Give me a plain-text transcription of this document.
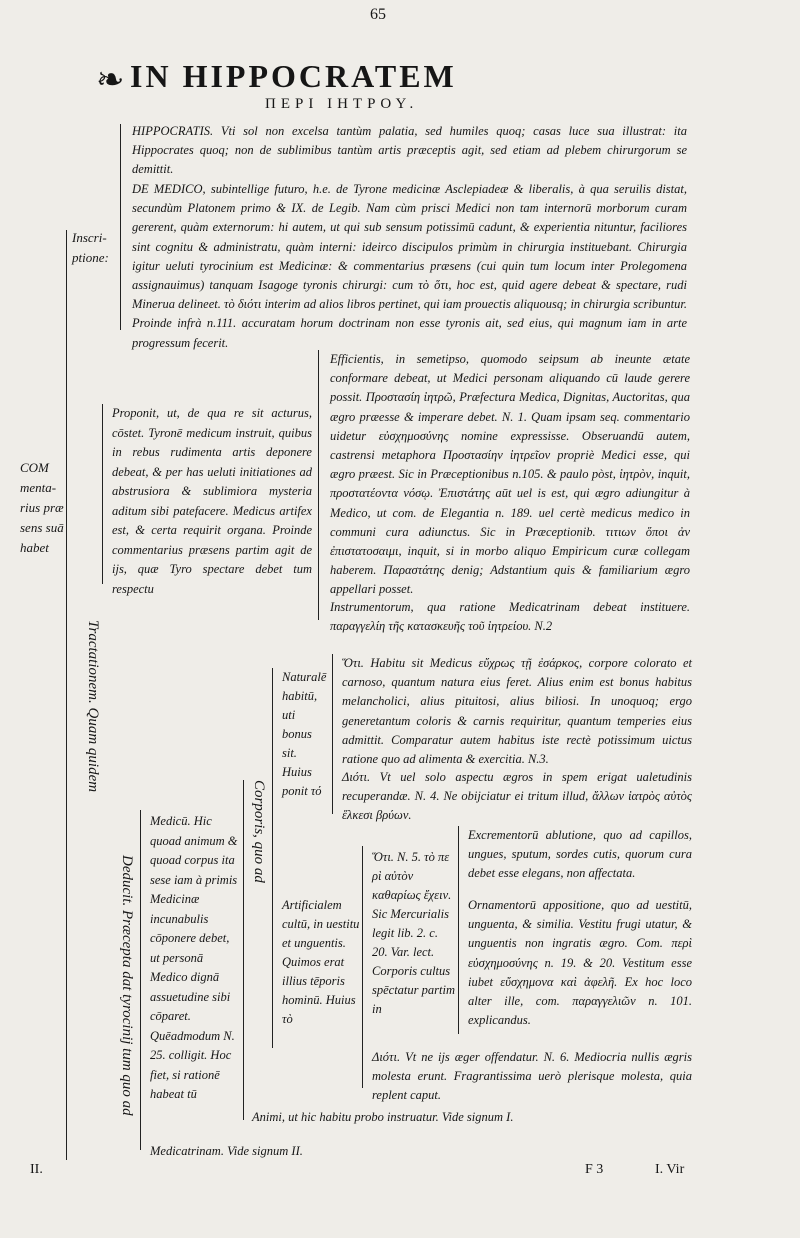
65
❧ IN HIPPOCRATEM
ΠΕΡΙ ΙΗΤΡΟΥ.
Inscri-ptione:
HIPPOCRATIS. Vti sol non excelsa tantùm palatia, sed humiles quoq; casas luce sua illustrat: ita Hippocrates quoq; non de sublimibus tantùm artis præceptis agit, sed etiam ad plebem chirurgorum se demittit.
DE MEDICO, subintellige futuro, h.e. de Tyrone medicinæ Asclepiadeæ & liberalis, à qua seruilis distat, secundùm Platonem primo & IX. de Legib. Nam cùm prisci Medici non tam internorū morborum curam gererent, quàm externorum: hi autem, ut qui sub sensum potissimū cadunt, & experientia nituntur, faciliores sint cognitu & administratu, quàm interni: ideirco discipulos primùm in chirurgia instituebant. Chirurgia igitur ueluti tyrocinium est Medicinæ: & commentarius præsens (cui quin tum locum inter Prolegomena assignauimus) tanquam Isagoge tyronis chirurgi: cum τὸ ὅτι, hoc est, quid agere debeat & spectare, rudi Minerua delineet. τὸ διότι interim ad alios libros pertinet, qui iam prouectis aliquousq; in chirurgia scribuntur. Proinde infrà n.111. accuratam horum doctrinam non esse tyronis ait, sed eius, qui magnum iam in arte progressum fecerit.
COM menta-rius præ sens suā habet
Tractationem. Quam quidem
Proponit, ut, de qua re sit acturus, cōstet. Tyronē medicum instruit, quibus in rebus rudimenta artis deponere debeat, & per has ueluti initiationes ad abstrusiora & sublimiora mysteria aditum sibi patefacere. Medicus artifex est, & certa requirit organa. Proinde commentarius præsens partim agit de ijs, quæ Tyro spectare debet tum respectu
Efficientis, in semetipso, quomodo seipsum ab ineunte ætate conformare debeat, ut Medici personam aliquando cū laude gerere possit. Προστασίη ἰητρῶ, Præfectura Medica, Dignitas, Auctoritas, qua ægro præesse & imperare debet. N. 1. Quam ipsam seq. commentario uidetur εὐσχημοσύνης nomine expressisse. Obseruandū autem, castrensi metaphora Προστασίην ἰητρεῖον propriè Medici esse, qui ægro præest. Sic in Præceptionibus n.105. & paulo pòst, ἰητρὸν, inquit, προστατέοντα νόσῳ. Ἐπιστάτης aūt uel is est, qui ægro adiungitur à Medico, ut com. de Elegantia n. 189. uel certè medicus medico in communi cura adiunctus. Sic in Præceptionib. τιτιων ὅποι ἀν ἐπιστατοσαιμι, inquit, si in morbo aliquo Empiricum curæ collegam haberem. Παραστάτης denig; Adstantium quis & familiarium ægro appellari posset.
Instrumentorum, qua ratione Medicatrinam debeat instituere. παραγγελίη τῆς κατασκευῆς τοῦ ἰητρείου. N.2
Deducit. Præcepta dat tyrocinij tum quo ad
Medicū. Hic quoad animum & quoad corpus ita sese iam à primis Medicinæ incunabulis cōponere debet, ut personā Medico dignā assuetudine sibi cōparet. Quēadmodum N. 25. colligit. Hoc fiet, si rationē habeat tū
Corporis, quo ad
Naturalē habitū, uti bonus sit. Huius ponit τό
Ὅτι. Habitu sit Medicus εὔχρως τῇ ἐσάρκος, corpore colorato et carnoso, quantum natura eius feret. Alius enim est bonus habitus melancholici, alius pituitosi, alius biliosi. In unoquoq; ergo generetantum coloris & carnis requiritur, quantum temperies eius admittit. Comparatur autem habitus iste rectè potissimum uictus ratione quo ad alimenta & exercitia. N.3.
Διότι. Vt uel solo aspectu ægros in spem erigat ualetudinis recuperandæ. N. 4. Ne obijciatur ei tritum illud, ἄλλων ἰατρὸς αὐτὸς ἕλκεσι βρύων.
Artificialem cultū, in uestitu et unguentis. Quimos erat illius tēporis hominū. Huius τὸ
Ὅτι. N. 5. τὸ πε ρὶ αὐτὸν καθαρίως ἔχειν. Sic Mercurialis legit lib. 2. c. 20. Var. lect. Corporis cultus spēctatur partim in
Excrementorū ablutione, quo ad capillos, ungues, sputum, sordes cutis, quorum cura debet esse elegans, non affectata.
Ornamentorū appositione, quo ad uestitū, unguenta, & similia. Vestitu frugi utatur, & unguentis non ingratis ægro. Com. περὶ εὐσχημοσύνης n. 19. & 20. Vestitum esse iubet εὔσχημονα καὶ ἀφελῆ. Ex hoc loco alter ille, com. παραγγελιῶν n. 101. explicandus.
Διότι. Vt ne ijs æger offendatur. N. 6. Mediocria nullis ægris molesta erunt. Fragrantissima uerò plerisque molesta, quia replent caput.
Animi, ut hic habitu probo instruatur. Vide signum I.
Medicatrinam. Vide signum II.
II.	F 3	I. Vir
